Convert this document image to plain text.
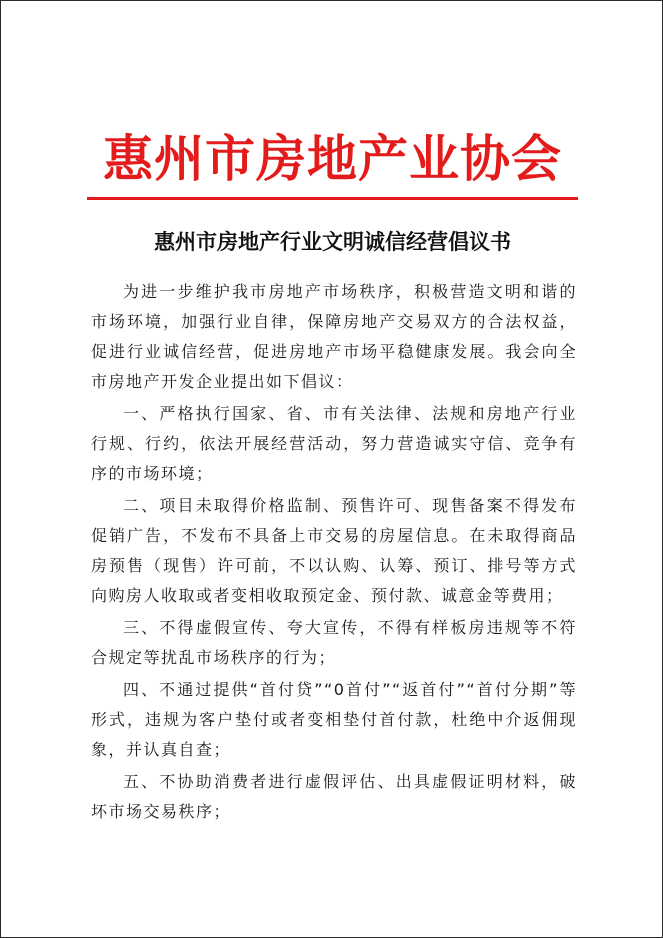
惠州市房地产业协会
惠州市房地产行业文明诚信经营倡议书

为进一步维护我市房地产市场秩序，积极营造文明和谐的市场环境，加强行业自律，保障房地产交易双方的合法权益，促进行业诚信经营，促进房地产市场平稳健康发展。我会向全市房地产开发企业提出如下倡议：

一、严格执行国家、省、市有关法律、法规和房地产行业行规、行约，依法开展经营活动，努力营造诚实守信、竞争有序的市场环境；

二、项目未取得价格监制、预售许可、现售备案不得发布促销广告，不发布不具备上市交易的房屋信息。在未取得商品房预售（现售）许可前，不以认购、认筹、预订、排号等方式向购房人收取或者变相收取预定金、预付款、诚意金等费用；

三、不得虚假宣传、夸大宣传，不得有样板房违规等不符合规定等扰乱市场秩序的行为；

四、不通过提供“首付贷”“0首付”“返首付”“首付分期”等形式，违规为客户垫付或者变相垫付首付款，杜绝中介返佣现象，并认真自查；

五、不协助消费者进行虚假评估、出具虚假证明材料，破坏市场交易秩序；
